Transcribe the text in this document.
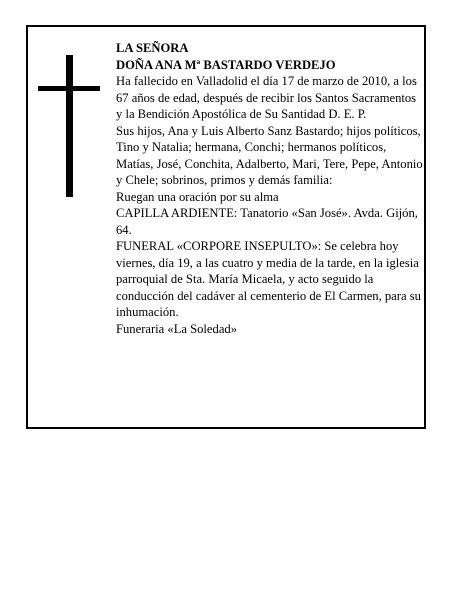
LA SEÑORA

DOÑA ANA Mª BASTARDO VERDEJO

Ha fallecido en Valladolid el día 17 de marzo de 2010, a los 67 años de edad, después de recibir los Santos Sacramentos y la Bendición Apostólica de Su Santidad D. E. P.

Sus hijos, Ana y Luis Alberto Sanz Bastardo; hijos políticos, Tino y Natalia; hermana, Conchi; hermanos políticos, Matías, José, Conchita, Adalberto, Mari, Tere, Pepe, Antonio y Chele; sobrinos, primos y demás familia:

Ruegan una oración por su alma

CAPILLA ARDIENTE: Tanatorio «San José». Avda. Gijón, 64.

FUNERAL «CORPORE INSEPULTO»: Se celebra hoy viernes, día 19, a las cuatro y media de la tarde, en la iglesia parroquial de Sta. María Micaela, y acto seguido la conducción del cadáver al cementerio de El Carmen, para su inhumación.

Funeraria «La Soledad»
